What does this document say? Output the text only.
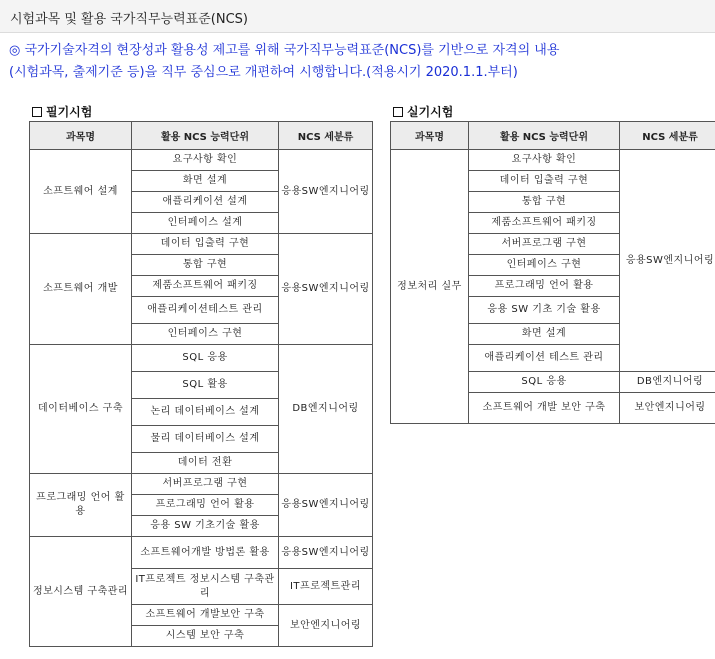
시험과목 및 활용 국가직무능력표준(NCS)
◎ 국가기술자격의 현장성과 활용성 제고를 위해 국가직무능력표준(NCS)를 기반으로 자격의 내용
(시험과목, 출제기준 등)을 직무 중심으로 개편하여 시행합니다.(적용시기 2020.1.1.부터)
필기시험	실기시험
과목명	활용 NCS 능력단위	NCS 세분류
소프트웨어 설계	요구사항 확인	응용SW엔지니어링
	화면 설계	
	애플리케이션 설계	
	인터페이스 설계	
소프트웨어 개발	데이터 입출력 구현	응용SW엔지니어링
	통합 구현	
	제품소프트웨어 패키징	
	애플리케이션테스트 관리	
	인터페이스 구현	
데이터베이스 구축	SQL 응용	DB엔지니어링
	SQL 활용	
	논리 데이터베이스 설계	
	물리 데이터베이스 설계	
	데이터 전환	
프로그래밍 언어 활용	서버프로그램 구현	응용SW엔지니어링
	프로그래밍 언어 활용	
	응용 SW 기초기술 활용	
정보시스템 구축관리	소프트웨어개발 방법론 활용	응용SW엔지니어링
	IT프로젝트 정보시스템 구축관리	IT프로젝트관리
	소프트웨어 개발보안 구축	보안엔지니어링
	시스템 보안 구축	
과목명	활용 NCS 능력단위	NCS 세분류
정보처리 실무	요구사항 확인	응용SW엔지니어링
	데이터 입출력 구현	
	통합 구현	
	제품소프트웨어 패키징	
	서버프로그램 구현	
	인터페이스 구현	
	프로그래밍 언어 활용	
	응용 SW 기초 기술 활용	
	화면 설계	
	애플리케이션 테스트 관리	
	SQL 응용	DB엔지니어링
	소프트웨어 개발 보안 구축	보안엔지니어링
